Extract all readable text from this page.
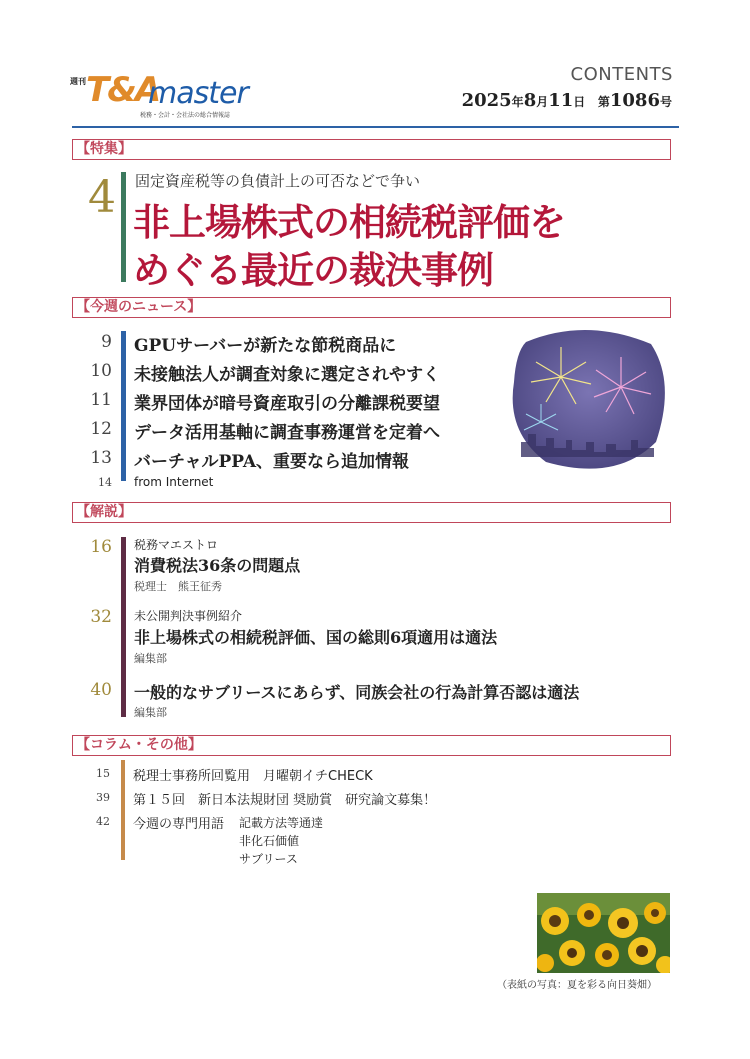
週刊 T&A
master
税務・会計・会社法の総合情報誌
CONTENTS
2025年8月11日 第1086号
【特集】
4 固定資産税等の負債計上の可否などで争い
非上場株式の相続税評価を
めぐる最近の裁決事例
【今週のニュース】
9 GPUサーバーが新たな節税商品に
10 未接触法人が調査対象に選定されやすく
11 業界団体が暗号資産取引の分離課税要望
12 データ活用基軸に調査事務運営を定着へ
13 バーチャルPPA、重要なら追加情報
14 from Internet
【解説】
16 税務マエストロ
消費税法36条の問題点
税理士　熊王征秀
32 未公開判決事例紹介
非上場株式の相続税評価、国の総則6項適用は適法
編集部
40 一般的なサブリースにあらず、同族会社の行為計算否認は適法
編集部
【コラム・その他】
15 税理士事務所回覧用　月曜朝イチCHECK
39 第１５回　新日本法規財団 奨励賞　研究論文募集！
42 今週の専門用語 記載方法等通達
非化石価値
サブリース
（表紙の写真：夏を彩る向日葵畑）
